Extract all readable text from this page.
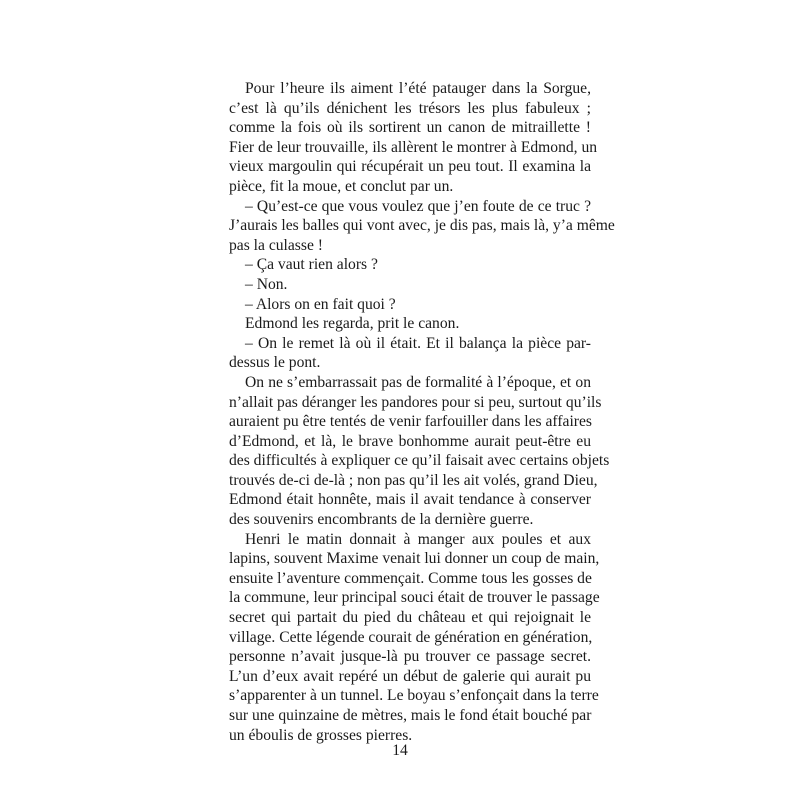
Pour l’heure ils aiment l’été patauger dans la Sorgue,
c’est là qu’ils dénichent les trésors les plus fabuleux ;
comme la fois où ils sortirent un canon de mitraillette !
Fier de leur trouvaille, ils allèrent le montrer à Edmond, un
vieux margoulin qui récupérait un peu tout. Il examina la
pièce, fit la moue, et conclut par un.
– Qu’est-ce que vous voulez que j’en foute de ce truc ?
J’aurais les balles qui vont avec, je dis pas, mais là, y’a même
pas la culasse !
– Ça vaut rien alors ?
– Non.
– Alors on en fait quoi ?
Edmond les regarda, prit le canon.
– On le remet là où il était. Et il balança la pièce par-
dessus le pont.
On ne s’embarrassait pas de formalité à l’époque, et on
n’allait pas déranger les pandores pour si peu, surtout qu’ils
auraient pu être tentés de venir farfouiller dans les affaires
d’Edmond, et là, le brave bonhomme aurait peut-être eu
des difficultés à expliquer ce qu’il faisait avec certains objets
trouvés de-ci de-là ; non pas qu’il les ait volés, grand Dieu,
Edmond était honnête, mais il avait tendance à conserver
des souvenirs encombrants de la dernière guerre.
Henri le matin donnait à manger aux poules et aux
lapins, souvent Maxime venait lui donner un coup de main,
ensuite l’aventure commençait. Comme tous les gosses de
la commune, leur principal souci était de trouver le passage
secret qui partait du pied du château et qui rejoignait le
village. Cette légende courait de génération en génération,
personne n’avait jusque-là pu trouver ce passage secret.
L’un d’eux avait repéré un début de galerie qui aurait pu
s’apparenter à un tunnel. Le boyau s’enfonçait dans la terre
sur une quinzaine de mètres, mais le fond était bouché par
un éboulis de grosses pierres.
14
